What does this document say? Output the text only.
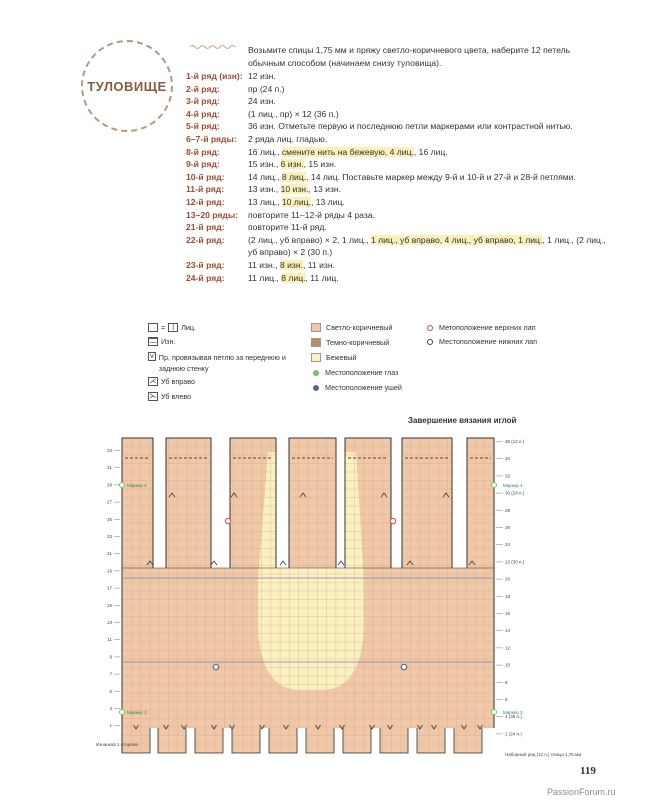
ТУЛОВИЩЕ
Возьмите спицы 1,75 мм и пряжу светло-коричневого цвета, наберите 12 петель обычным способом (начинаем снизу туловища).
1-й ряд (изн): 12 изн.
2-й ряд:	пр (24 п.)
3-й ряд:	24 изн.
4-й ряд:	(1 лиц., пр) × 12 (36 п.)
5-й ряд:	36 изн. Отметьте первую и последнюю петли маркерами или контрастной нитью.
6–7-й ряды:	2 ряда лиц. гладью.
8-й ряд:	16 лиц., смените нить на бежевую, 4 лиц., 16 лиц.
9-й ряд:	15 изн., 6 изн., 15 изн.
10-й ряд:	14 лиц., 8 лиц., 14 лиц. Поставьте маркер между 9-й и 10-й и 27-й и 28-й петлями.
11-й ряд:	13 изн., 10 изн., 13 изн.
12-й ряд:	13 лиц., 10 лиц., 13 лиц.
13–20 ряды:	повторите 11–12-й ряды 4 раза.
21-й ряд:	повторите 11-й ряд.
22-й ряд:	(2 лиц., уб вправо) × 2, 1 лиц., 1 лиц., уб вправо, 4 лиц., уб вправо, 1 лиц., 1 лиц., (2 лиц., уб вправо) × 2 (30 п.)
23-й ряд:	11 изн., 8 изн., 11 изн.
24-й ряд:	11 лиц., 8 лиц., 11 лиц.
=	| Лиц.
— Изн.
v Пр, провязывая петлю за переднюю и заднюю стенку
⋌ Уб вправо
⋋ Уб влево
Светло-коричневый
Темно-коричневый
Бежевый
Местоположение глаз
Местоположение ушей
Метоположение верхних лап
Местоположение нижних лап
Завершение вязания иглой
Маркер 4
Маркер 3
Маркер 4
Маркер 3
33
31
29
27
25
23
21
19
17
15
13
11
9
7
5
3
1
36 (12 п.)
34
32
30 (24 п.)
28
26
24
22 (30 п.)
20
18
16
14
12
10
8
6
4 (36 п.)
2 (24 п.)
Изнанкой 1 сторона
Наборный ряд (12 п.) спицы 1,75 мм
119
PassionForum.ru
